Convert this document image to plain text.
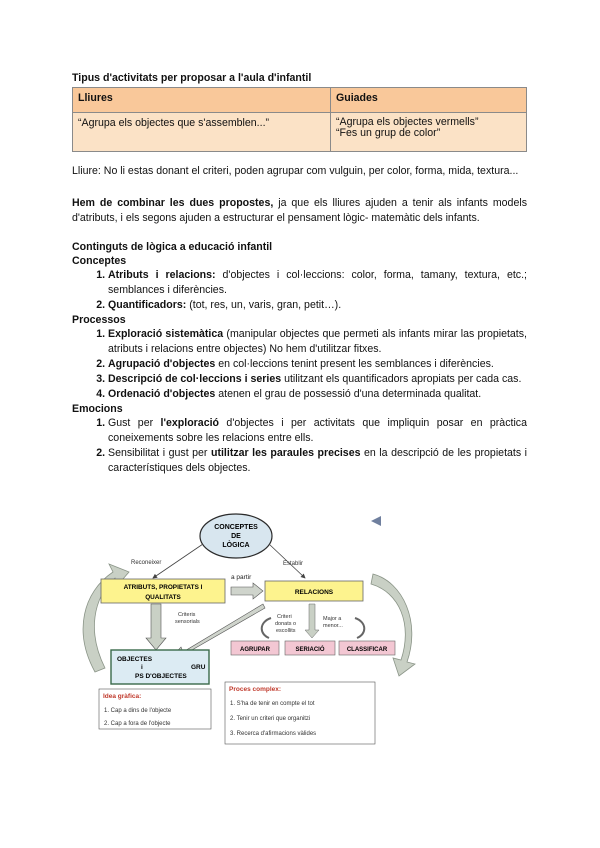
Tipus d'activitats per proposar a l'aula d'infantil
Lliures	Guiades
“Agrupa els objectes que s'assemblen...”	“Agrupa els objectes vermells”
“Fes un grup de color”

Lliure: No li estas donant el criteri, poden agrupar com vulguin, per color, forma, mida, textura...

Hem de combinar les dues propostes, ja que els lliures ajuden a tenir als infants models d'atributs, i els segons ajuden a estructurar el pensament lògic- matemàtic dels infants.

Continguts de lògica a educació infantil
Conceptes
1. Atributs i relacions: d'objectes i col·leccions: color, forma, tamany, textura, etc.; semblances i diferències.
2. Quantificadors: (tot, res, un, varis, gran, petit…).
Processos
1. Exploració sistemàtica (manipular objectes que permeti als infants mirar las propietats, atributs i relacions entre objectes) No hem d'utilitzar fitxes.
2. Agrupació d'objectes en col·leccions tenint present les semblances i diferències.
3. Descripció de col·leccions i series utilitzant els quantificadors apropiats per cada cas.
4. Ordenació d'objectes atenen el grau de possessió d'una determinada qualitat.
Emocions
1. Gust per l'exploració d'objectes i per activitats que impliquin posar en pràctica coneixements sobre les relacions entre ells.
2. Sensibilitat i gust per utilitzar les paraules precises en la descripció de les propietats i característiques dels objectes.
CONCEPTES
DE
LÒGICA
Reconeixer	Establir
ATRIBUTS, PROPIETATS I
QUALITATS
a partir
RELACIONS
Criteris
sensorials
Criteri
donats o
escollits
Major a
menor...
AGRUPAR	SERIACIÓ	CLASSIFICAR
OBJECTES
i	GRU
PS D'OBJECTES
Idea gràfica:
1. Cap a dins de l'objecte
2. Cap a fora de l'objecte
Proces complex:
1. S'ha de tenir en compte el tot
2. Tenir un criteri que organitzi
3. Recerca d'afirmacions vàlides
